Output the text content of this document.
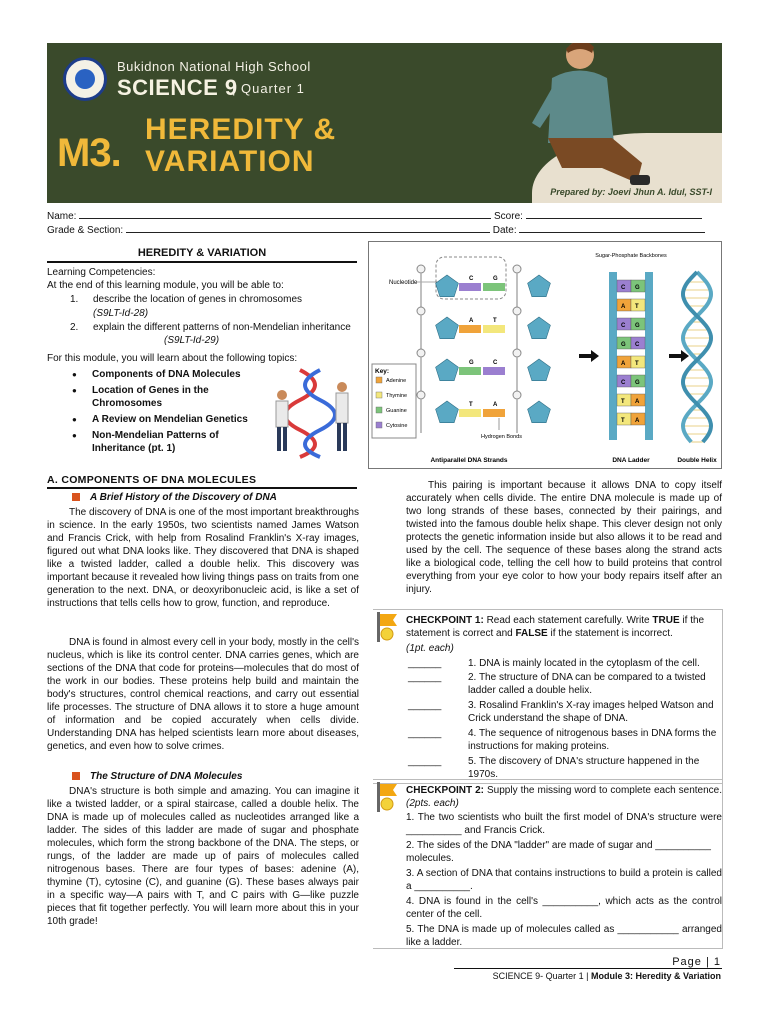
Bukidnon National High School
SCIENCE 9
| Quarter 1
M3.
HEREDITY &
VARIATION
Prepared by: Joevi Jhun A. Idul, SST-I
Name:	Score:
Grade & Section:	Date:
HEREDITY & VARIATION
Learning Competencies:
At the end of this learning module, you will be able to:
1.	describe the location of genes in chromosomes
(S9LT-Id-28)
2.	explain the different patterns of non-Mendelian inheritance
(S9LT-Id-29)
For this module, you will learn about the following topics:
● Components of DNA Molecules
● Location of Genes in the Chromosomes
● A Review on Mendelian Genetics
● Non-Mendelian Patterns of Inheritance (pt. 1)
Nucleotide
Key:
Adenine
Thymine
Guanine
Cytosine
C	G
A	T
G	C
T	A
Hydrogen Bonds
Sugar-Phosphate Backbones
C G
A T
C G
G C
A T
C G
T A
T A
Antiparallel DNA Strands	DNA Ladder	Double Helix
A. COMPONENTS OF DNA MOLECULES
A Brief History of the Discovery of DNA
The discovery of DNA is one of the most important breakthroughs in science. In the early 1950s, two scientists named James Watson and Francis Crick, with help from Rosalind Franklin's X-ray images, figured out what DNA looks like. They discovered that DNA is shaped like a twisted ladder, called a double helix. This discovery was important because it revealed how living things pass on traits from one generation to the next. DNA, or deoxyribonucleic acid, is like a set of instructions that tells cells how to grow, function, and reproduce.
DNA is found in almost every cell in your body, mostly in the cell's nucleus, which is like its control center. DNA carries genes, which are sections of the DNA that code for proteins—molecules that do most of the work in our bodies. These proteins help build and maintain the body's structures, control chemical reactions, and carry out essential life processes. The structure of DNA allows it to store a huge amount of information and be copied accurately when cells divide. Understanding DNA has helped scientists learn more about diseases, genetics, and even how to solve crimes.
The Structure of DNA Molecules
DNA's structure is both simple and amazing. You can imagine it like a twisted ladder, or a spiral staircase, called a double helix. The DNA is made up of molecules called as nucleotides arranged like a ladder. The sides of this ladder are made of sugar and phosphate molecules, which form the strong backbone of the DNA. The steps, or rungs, of the ladder are made up of pairs of molecules called nitrogenous bases. There are four types of bases: adenine (A), thymine (T), cytosine (C), and guanine (G). These bases always pair in a specific way—A pairs with T, and C pairs with G—like puzzle pieces that fit together perfectly. You will learn more about this in your 10th grade!
This pairing is important because it allows DNA to copy itself accurately when cells divide. The entire DNA molecule is made up of two long strands of these bases, connected by their pairings, and twisted into the famous double helix shape. This clever design not only protects the genetic information inside but also allows it to be read and used by the cell. The sequence of these bases along the strand acts like a biological code, telling the cell how to build proteins that control everything from your eye color to how your body repairs itself after an injury.
CHECKPOINT 1: Read each statement carefully. Write TRUE if the statement is correct and FALSE if the statement is incorrect.
(1pt. each)
______	1. DNA is mainly located in the cytoplasm of the cell.
______	2. The structure of DNA can be compared to a twisted ladder called a double helix.
______	3. Rosalind Franklin's X-ray images helped Watson and Crick understand the shape of DNA.
______	4. The sequence of nitrogenous bases in DNA forms the instructions for making proteins.
______	5. The discovery of DNA's structure happened in the 1970s.
CHECKPOINT 2: Supply the missing word to complete each sentence. (2pts. each)
1. The two scientists who built the first model of DNA's structure were __________ and Francis Crick.
2. The sides of the DNA "ladder" are made of sugar and __________ molecules.
3. A section of DNA that contains instructions to build a protein is called a __________.
4. DNA is found in the cell's __________, which acts as the control center of the cell.
5. The DNA is made up of molecules called as ___________ arranged like a ladder.
Page | 1
SCIENCE 9- Quarter 1 | Module 3: Heredity & Variation
